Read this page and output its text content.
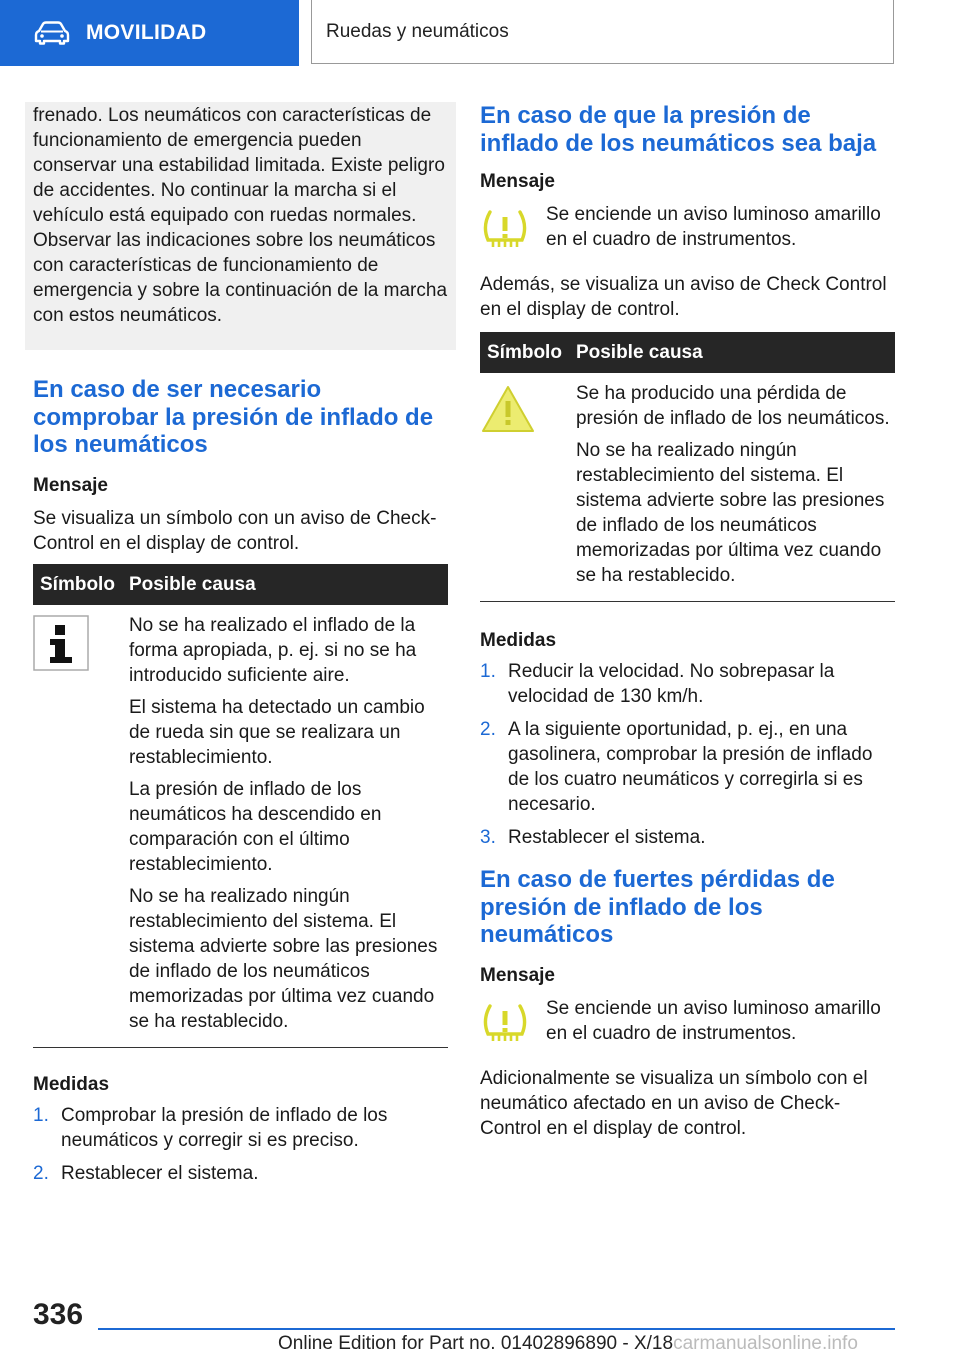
MOVILIDAD	Ruedas y neumáticos

frenado. Los neumáticos con características de funcionamiento de emergencia pueden conservar una estabilidad limitada. Existe peligro de accidentes. No continuar la marcha si el vehículo está equipado con ruedas normales. Observar las indicaciones sobre los neumáticos con características de funcionamiento de emergencia y sobre la continuación de la marcha con estos neumáticos.

En caso de ser necesario comprobar la presión de inflado de los neumáticos
Mensaje

Se visualiza un símbolo con un aviso de Check-Control en el display de control.

Símbolo	Posible causa

No se ha realizado el inflado de la forma apropiada, p. ej. si no se ha introducido suficiente aire.

El sistema ha detectado un cambio de rueda sin que se realizara un restablecimiento.

La presión de inflado de los neumáticos ha descendido en comparación con el último restablecimiento.

No se ha realizado ningún restablecimiento del sistema. El sistema advierte sobre las presiones de inflado de los neumáticos memorizadas por última vez cuando se ha restablecido.

Medidas
1. Comprobar la presión de inflado de los neumáticos y corregir si es preciso.
2. Restablecer el sistema.
En caso de que la presión de inflado de los neumáticos sea baja
Mensaje

Se enciende un aviso luminoso amarillo en el cuadro de instrumentos.

Además, se visualiza un aviso de Check Control en el display de control.

Símbolo	Posible causa

Se ha producido una pérdida de presión de inflado de los neumáticos.

No se ha realizado ningún restablecimiento del sistema. El sistema advierte sobre las presiones de inflado de los neumáticos memorizadas por última vez cuando se ha restablecido.

Medidas
1. Reducir la velocidad. No sobrepasar la velocidad de 130 km/h.
2. A la siguiente oportunidad, p. ej., en una gasolinera, comprobar la presión de inflado de los cuatro neumáticos y corregirla si es necesario.
3. Restablecer el sistema.
En caso de fuertes pérdidas de presión de inflado de los neumáticos
Mensaje

Se enciende un aviso luminoso amarillo en el cuadro de instrumentos.

Adicionalmente se visualiza un símbolo con el neumático afectado en un aviso de Check-Control en el display de control.

336
Online Edition for Part no. 01402896890 - X/18carmanualsonline.info
